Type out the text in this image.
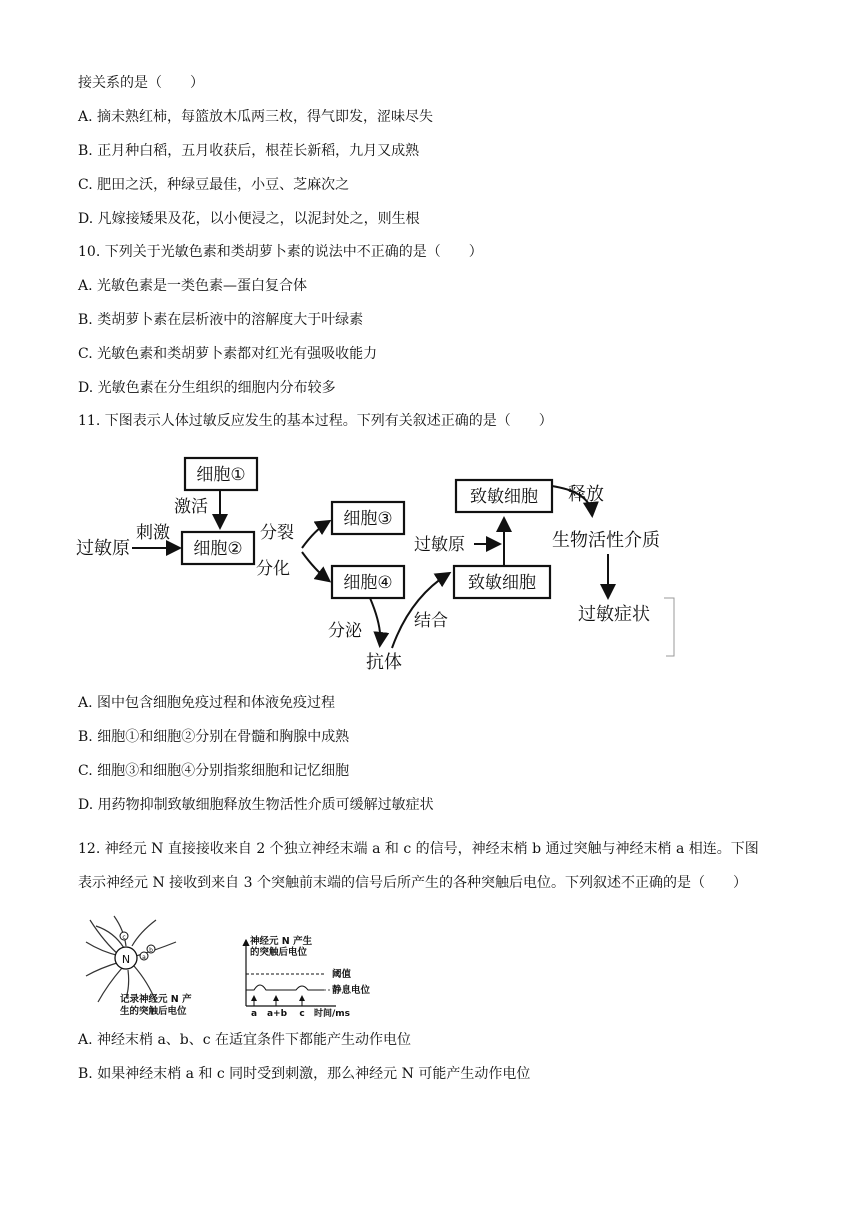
接关系的是（　　）
A. 摘未熟红柿，每篮放木瓜两三枚，得气即发，涩味尽失
B. 正月种白稻，五月收获后，根茬长新稻，九月又成熟
C. 肥田之沃，种绿豆最佳，小豆、芝麻次之
D. 凡嫁接矮果及花，以小便浸之，以泥封处之，则生根
10. 下列关于光敏色素和类胡萝卜素的说法中不正确的是（　　）
A. 光敏色素是一类色素—蛋白复合体
B. 类胡萝卜素在层析液中的溶解度大于叶绿素
C. 光敏色素和类胡萝卜素都对红光有强吸收能力
D. 光敏色素在分生组织的细胞内分布较多
11. 下图表示人体过敏反应发生的基本过程。下列有关叙述正确的是（　　）
细胞①
激活
过敏原
刺激
细胞②
分裂
分化
细胞③
细胞④
分泌
抗体
结合
致敏细胞
致敏细胞
过敏原
释放
生物活性介质
过敏症状
A. 图中包含细胞免疫过程和体液免疫过程
B. 细胞①和细胞②分别在骨髓和胸腺中成熟
C. 细胞③和细胞④分别指浆细胞和记忆细胞
D. 用药物抑制致敏细胞释放生物活性介质可缓解过敏症状
12. 神经元 N 直接接收来自 2 个独立神经末端 a 和 c 的信号，神经末梢 b 通过突触与神经末梢 a 相连。下图
表示神经元 N 接收到来自 3 个突触前末端的信号后所产生的各种突触后电位。下列叙述不正确的是（　　）
N
c
a
b
记录神经元 N 产
生的突触后电位
神经元 N 产生
的突触后电位
阈值
静息电位
a a+b c 时间/ms
A. 神经末梢 a、b、c 在适宜条件下都能产生动作电位
B. 如果神经末梢 a 和 c 同时受到刺激，那么神经元 N 可能产生动作电位
